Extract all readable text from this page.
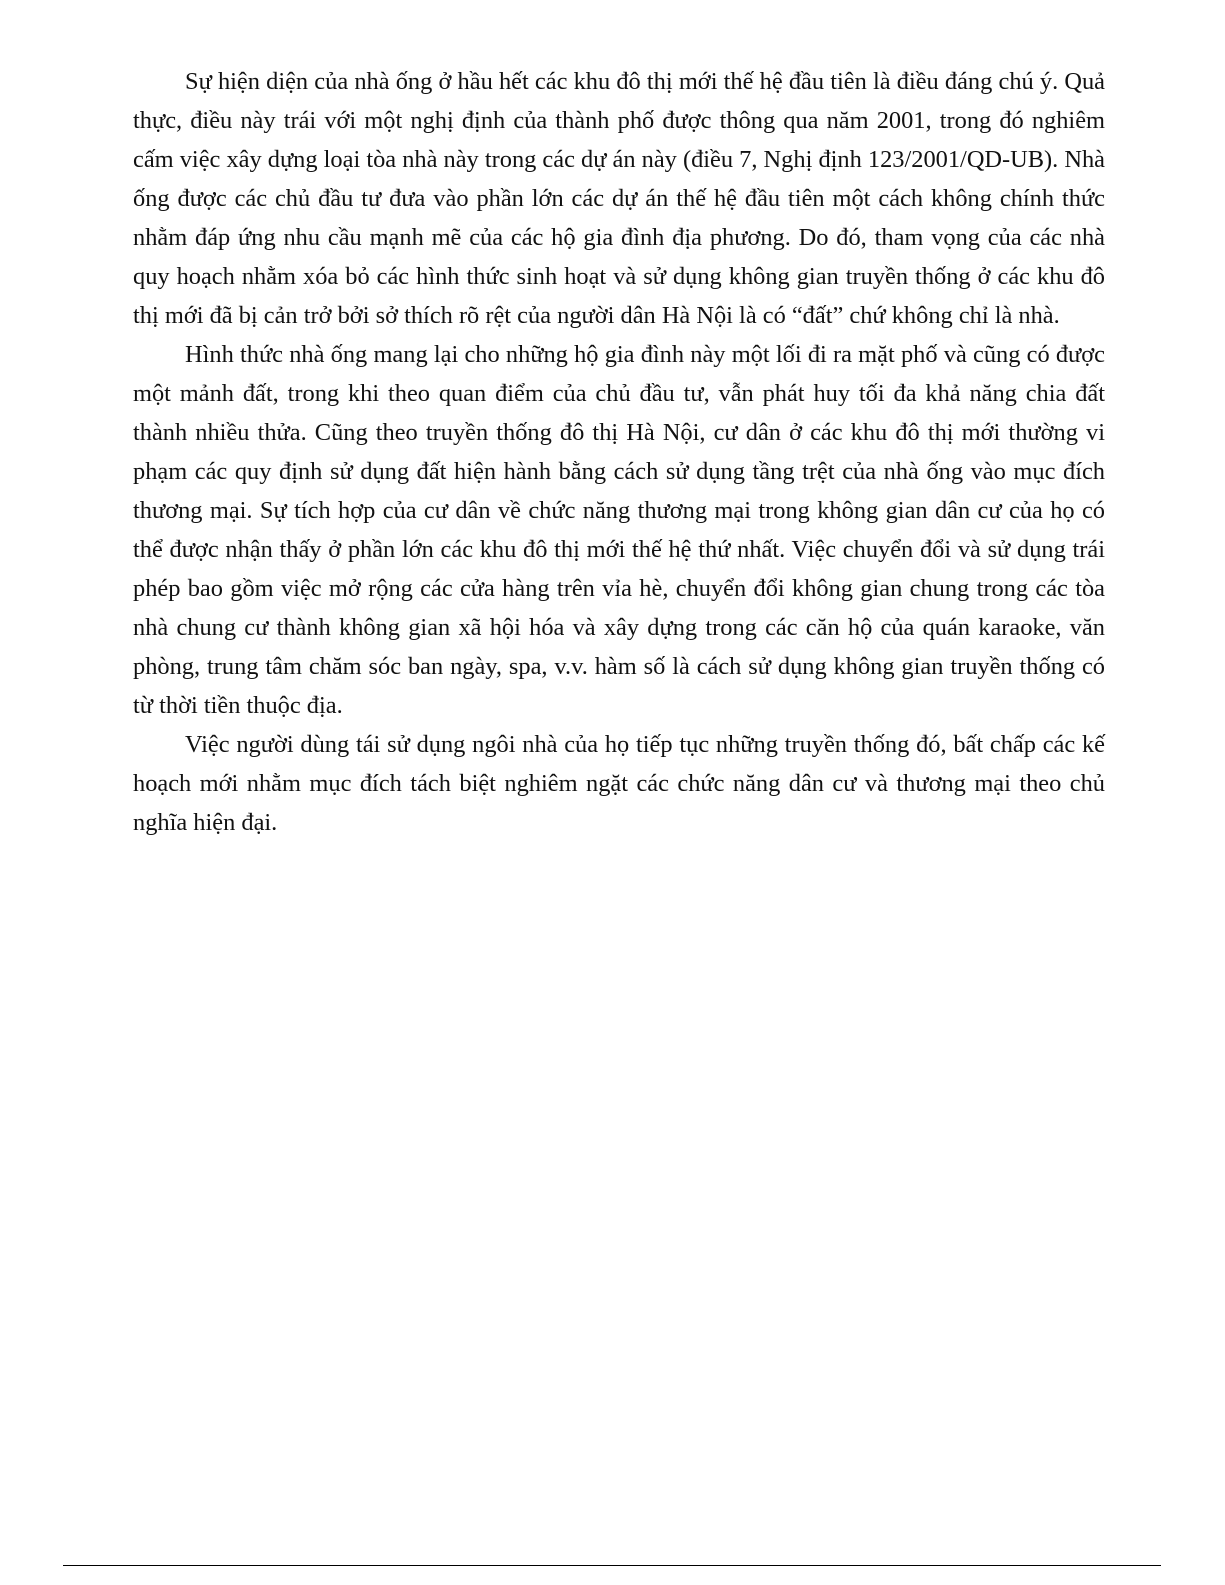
Sự hiện diện của nhà ống ở hầu hết các khu đô thị mới thế hệ đầu tiên là điều đáng chú ý. Quả thực, điều này trái với một nghị định của thành phố được thông qua năm 2001, trong đó nghiêm cấm việc xây dựng loại tòa nhà này trong các dự án này (điều 7, Nghị định 123/2001/QD-UB). Nhà ống được các chủ đầu tư đưa vào phần lớn các dự án thế hệ đầu tiên một cách không chính thức nhằm đáp ứng nhu cầu mạnh mẽ của các hộ gia đình địa phương. Do đó, tham vọng của các nhà quy hoạch nhằm xóa bỏ các hình thức sinh hoạt và sử dụng không gian truyền thống ở các khu đô thị mới đã bị cản trở bởi sở thích rõ rệt của người dân Hà Nội là có “đất” chứ không chỉ là nhà.

Hình thức nhà ống mang lại cho những hộ gia đình này một lối đi ra mặt phố và cũng có được một mảnh đất, trong khi theo quan điểm của chủ đầu tư, vẫn phát huy tối đa khả năng chia đất thành nhiều thửa. Cũng theo truyền thống đô thị Hà Nội, cư dân ở các khu đô thị mới thường vi phạm các quy định sử dụng đất hiện hành bằng cách sử dụng tầng trệt của nhà ống vào mục đích thương mại. Sự tích hợp của cư dân về chức năng thương mại trong không gian dân cư của họ có thể được nhận thấy ở phần lớn các khu đô thị mới thế hệ thứ nhất. Việc chuyển đổi và sử dụng trái phép bao gồm việc mở rộng các cửa hàng trên vỉa hè, chuyển đổi không gian chung trong các tòa nhà chung cư thành không gian xã hội hóa và xây dựng trong các căn hộ của quán karaoke, văn phòng, trung tâm chăm sóc ban ngày, spa, v.v. hàm số là cách sử dụng không gian truyền thống có từ thời tiền thuộc địa.

Việc người dùng tái sử dụng ngôi nhà của họ tiếp tục những truyền thống đó, bất chấp các kế hoạch mới nhằm mục đích tách biệt nghiêm ngặt các chức năng dân cư và thương mại theo chủ nghĩa hiện đại.
